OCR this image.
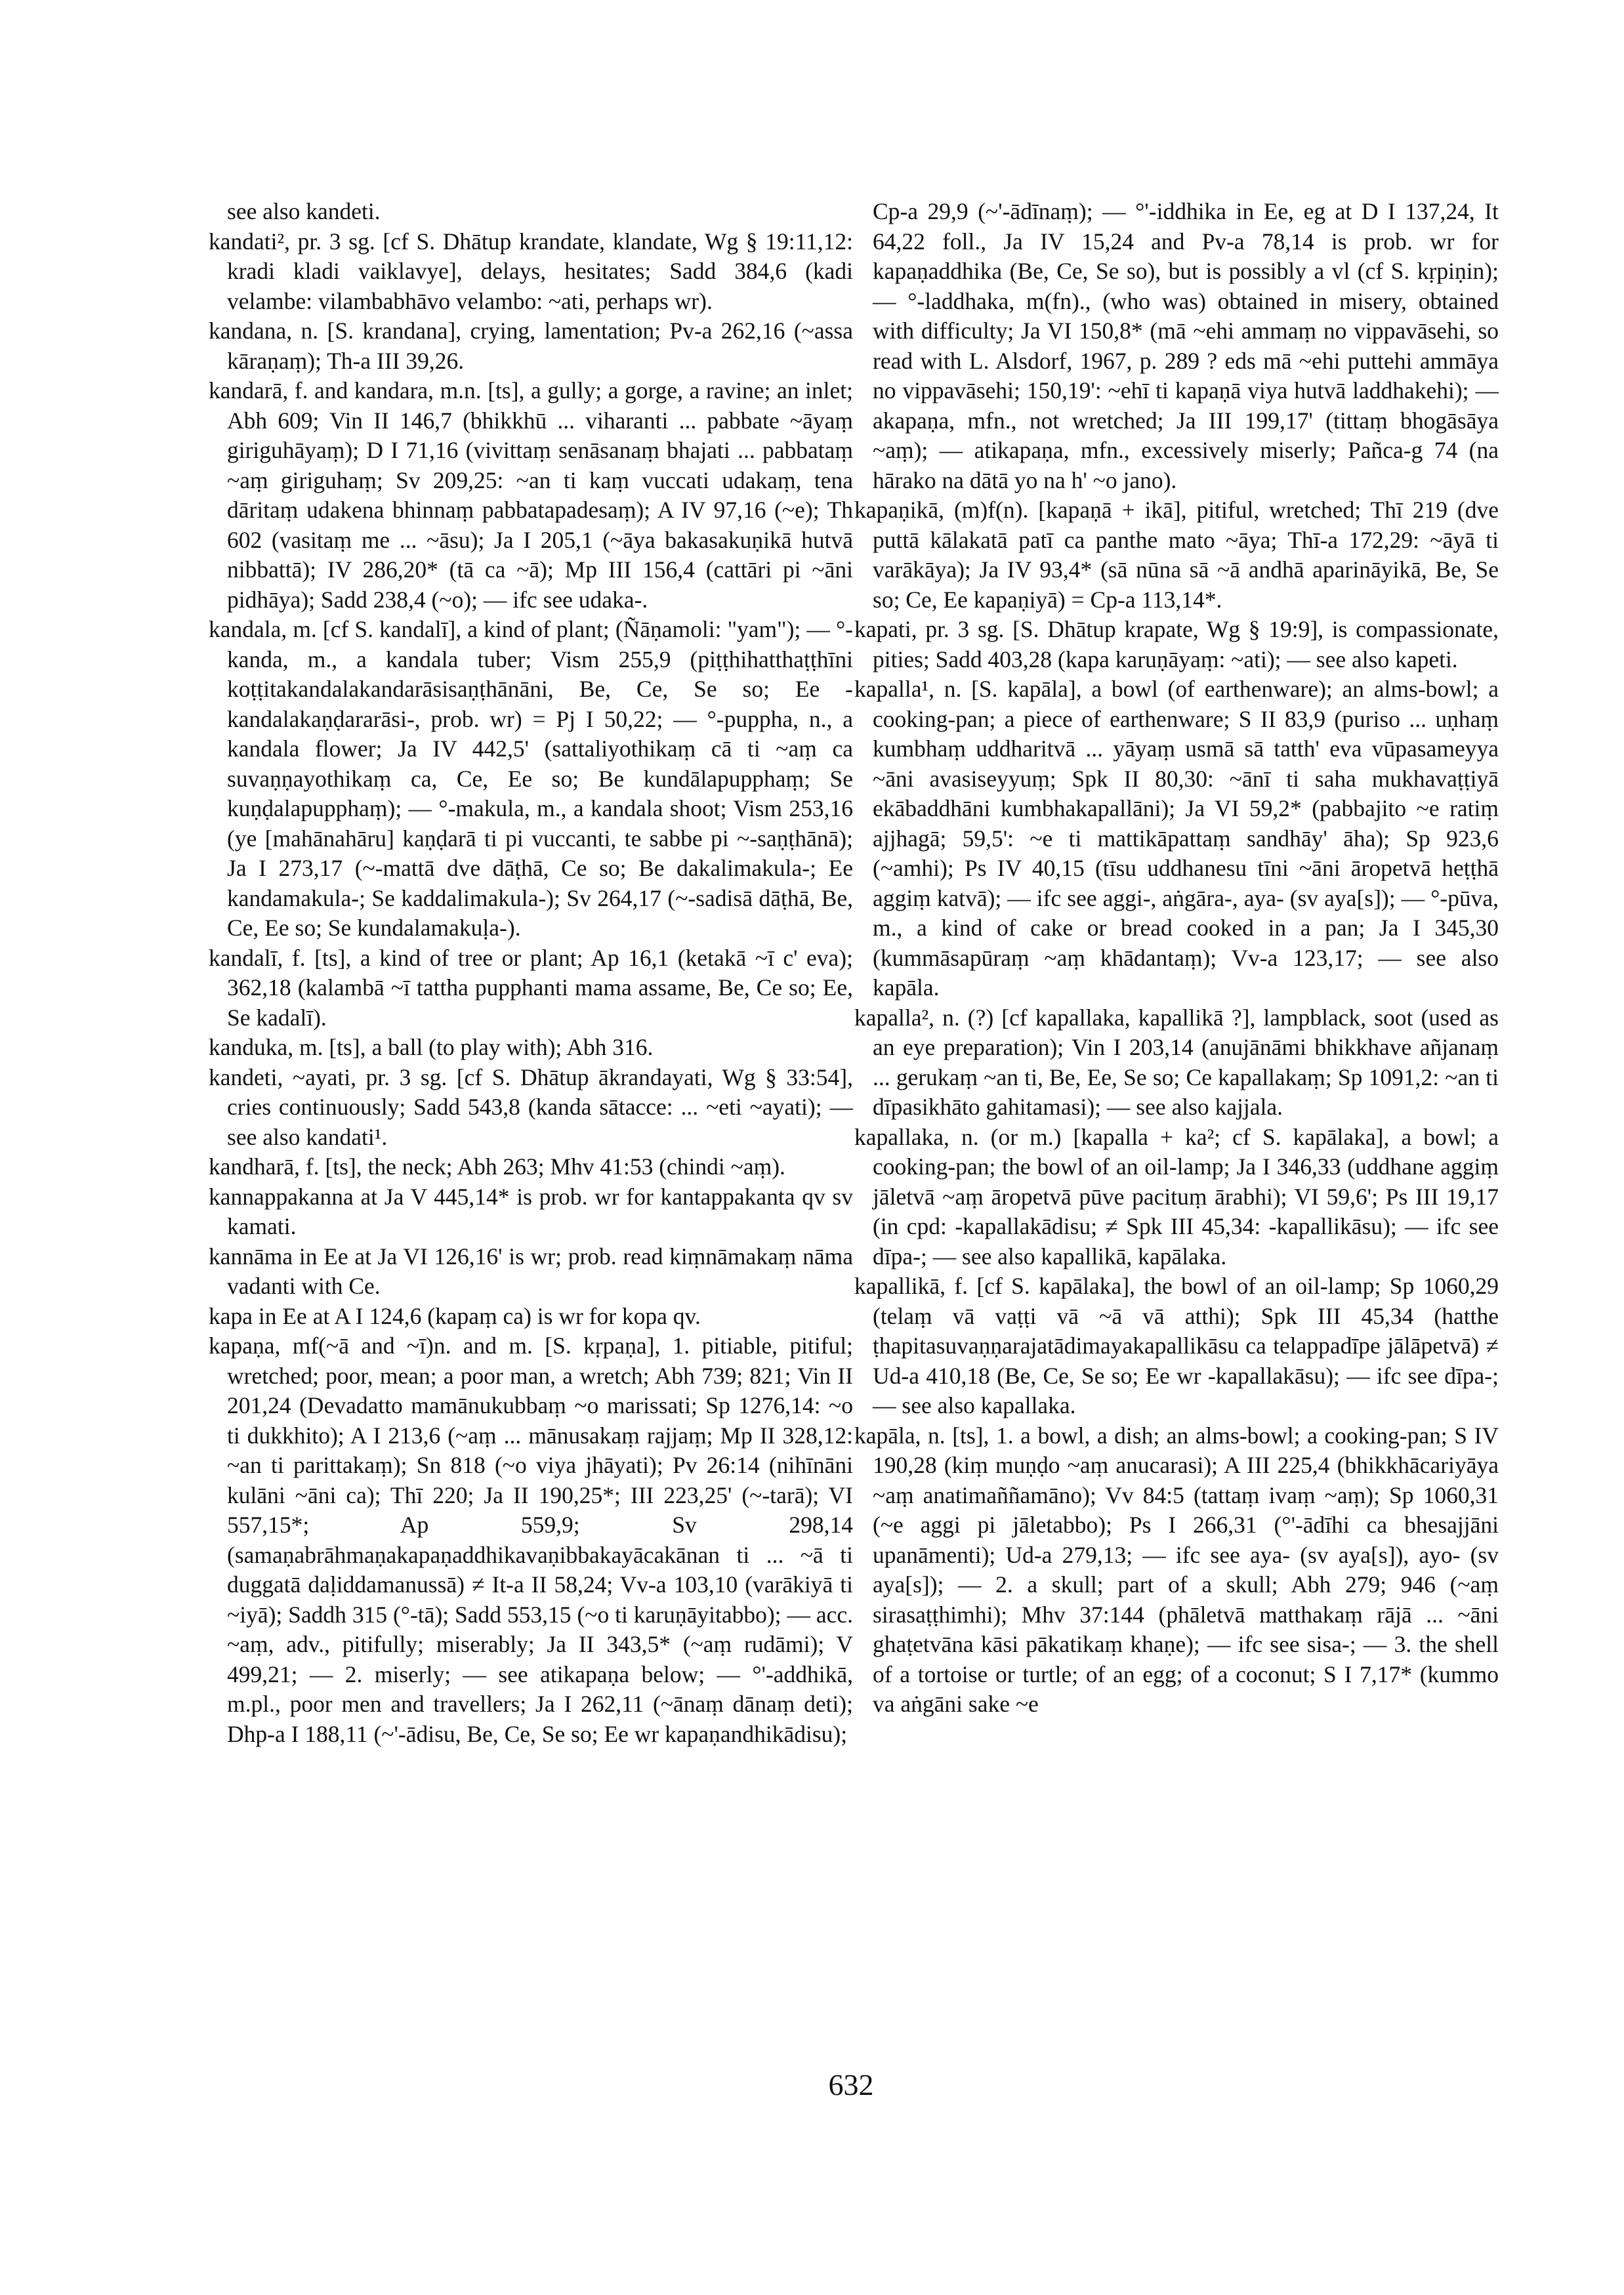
see also kandeti.

kandati², pr. 3 sg. [cf S. Dhātup krandate, klandate, Wg § 19:11,12: kradi kladi vaiklavye], delays, hesitates; Sadd 384,6 (kadi velambe: vilambabhāvo velambo: ~ati, perhaps wr).

kandana, n. [S. krandana], crying, lamentation; Pv-a 262,16 (~assa kāraṇaṃ); Th-a III 39,26.

kandarā, f. and kandara, m.n. [ts], a gully; a gorge, a ravine; an inlet; Abh 609; Vin II 146,7 (bhikkhū ... viharanti ... pabbate ~āyaṃ giriguhāyaṃ); D I 71,16 (vivittaṃ senāsanaṃ bhajati ... pabbataṃ ~aṃ giriguhaṃ; Sv 209,25: ~an ti kaṃ vuccati udakaṃ, tena dāritaṃ udakena bhinnaṃ pabbatapadesaṃ); A IV 97,16 (~e); Th 602 (vasitaṃ me ... ~āsu); Ja I 205,1 (~āya bakasakuṇikā hutvā nibbattā); IV 286,20* (tā ca ~ā); Mp III 156,4 (cattāri pi ~āni pidhāya); Sadd 238,4 (~o); — ifc see udaka-.

kandala, m. [cf S. kandalī], a kind of plant; (Ñāṇamoli: "yam"); — °-kanda, m., a kandala tuber; Vism 255,9 (piṭṭhihatthaṭṭhīni koṭṭitakandalakandarāsisaṇṭhānāni, Be, Ce, Se so; Ee -kandalakaṇḍararāsi-, prob. wr) = Pj I 50,22; — °-puppha, n., a kandala flower; Ja IV 442,5' (sattaliyothikaṃ cā ti ~aṃ ca suvaṇṇayothikaṃ ca, Ce, Ee so; Be kundālapupphaṃ; Se kuṇḍalapupphaṃ); — °-makula, m., a kandala shoot; Vism 253,16 (ye [mahānahāru] kaṇḍarā ti pi vuccanti, te sabbe pi ~-saṇṭhānā); Ja I 273,17 (~-mattā dve dāṭhā, Ce so; Be dakalimakula-; Ee kandamakula-; Se kaddalimakula-); Sv 264,17 (~-sadisā dāṭhā, Be, Ce, Ee so; Se kundalamakuḷa-).

kandalī, f. [ts], a kind of tree or plant; Ap 16,1 (ketakā ~ī c' eva); 362,18 (kalambā ~ī tattha pupphanti mama assame, Be, Ce so; Ee, Se kadalī).

kanduka, m. [ts], a ball (to play with); Abh 316.

kandeti, ~ayati, pr. 3 sg. [cf S. Dhātup ākrandayati, Wg § 33:54], cries continuously; Sadd 543,8 (kanda sātacce: ... ~eti ~ayati); — see also kandati¹.

kandharā, f. [ts], the neck; Abh 263; Mhv 41:53 (chindi ~aṃ).

kannappakanna at Ja V 445,14* is prob. wr for kantappakanta qv sv kamati.

kannāma in Ee at Ja VI 126,16' is wr; prob. read kiṃnāmakaṃ nāma vadanti with Ce.

kapa in Ee at A I 124,6 (kapaṃ ca) is wr for kopa qv.

kapaṇa, mf(~ā and ~ī)n. and m. [S. kṛpaṇa], 1. pitiable, pitiful; wretched; poor, mean; a poor man, a wretch; Abh 739; 821; Vin II 201,24 (Devadatto mamānukubbaṃ ~o marissati; Sp 1276,14: ~o ti dukkhito); A I 213,6 (~aṃ ... mānusakaṃ rajjaṃ; Mp II 328,12: ~an ti parittakaṃ); Sn 818 (~o viya jhāyati); Pv 26:14 (nihīnāni kulāni ~āni ca); Thī 220; Ja II 190,25*; III 223,25' (~-tarā); VI 557,15*; Ap 559,9; Sv 298,14 (samaṇabrāhmaṇakapaṇaddhikavaṇibbakayācakānan ti ... ~ā ti duggatā daḷiddamanussā) ≠ It-a II 58,24; Vv-a 103,10 (varākiyā ti ~iyā); Saddh 315 (°-tā); Sadd 553,15 (~o ti karuṇāyitabbo); — acc. ~aṃ, adv., pitifully; miserably; Ja II 343,5* (~aṃ rudāmi); V 499,21; — 2. miserly; — see atikapaṇa below; — °'-addhikā, m.pl., poor men and travellers; Ja I 262,11 (~ānaṃ dānaṃ deti); Dhp-a I 188,11 (~'-ādisu, Be, Ce, Se so; Ee wr kapaṇandhikādisu);

Cp-a 29,9 (~'-ādīnaṃ); — °'-iddhika in Ee, eg at D I 137,24, It 64,22 foll., Ja IV 15,24 and Pv-a 78,14 is prob. wr for kapaṇaddhika (Be, Ce, Se so), but is possibly a vl (cf S. kṛpiṇin); — °-laddhaka, m(fn)., (who was) obtained in misery, obtained with difficulty; Ja VI 150,8* (mā ~ehi ammaṃ no vippavāsehi, so read with L. Alsdorf, 1967, p. 289 ? eds mā ~ehi puttehi ammāya no vippavāsehi; 150,19': ~ehī ti kapaṇā viya hutvā laddhakehi); — akapaṇa, mfn., not wretched; Ja III 199,17' (tittaṃ bhogāsāya ~aṃ); — atikapaṇa, mfn., excessively miserly; Pañca-g 74 (na hārako na dātā yo na h' ~o jano).

kapaṇikā, (m)f(n). [kapaṇā + ikā], pitiful, wretched; Thī 219 (dve puttā kālakatā patī ca panthe mato ~āya; Thī-a 172,29: ~āyā ti varākāya); Ja IV 93,4* (sā nūna sā ~ā andhā aparināyikā, Be, Se so; Ce, Ee kapaṇiyā) = Cp-a 113,14*.

kapati, pr. 3 sg. [S. Dhātup krapate, Wg § 19:9], is compassionate, pities; Sadd 403,28 (kapa karuṇāyaṃ: ~ati); — see also kapeti.

kapalla¹, n. [S. kapāla], a bowl (of earthenware); an alms-bowl; a cooking-pan; a piece of earthenware; S II 83,9 (puriso ... uṇhaṃ kumbhaṃ uddharitvā ... yāyaṃ usmā sā tatth' eva vūpasameyya ~āni avasiseyyuṃ; Spk II 80,30: ~ānī ti saha mukhavaṭṭiyā ekābaddhāni kumbhakapallāni); Ja VI 59,2* (pabbajito ~e ratiṃ ajjhagā; 59,5': ~e ti mattikāpattaṃ sandhāy' āha); Sp 923,6 (~amhi); Ps IV 40,15 (tīsu uddhanesu tīni ~āni āropetvā heṭṭhā aggiṃ katvā); — ifc see aggi-, aṅgāra-, aya- (sv aya[s]); — °-pūva, m., a kind of cake or bread cooked in a pan; Ja I 345,30 (kummāsapūraṃ ~aṃ khādantaṃ); Vv-a 123,17; — see also kapāla.

kapalla², n. (?) [cf kapallaka, kapallikā ?], lampblack, soot (used as an eye preparation); Vin I 203,14 (anujānāmi bhikkhave añjanaṃ ... gerukaṃ ~an ti, Be, Ee, Se so; Ce kapallakaṃ; Sp 1091,2: ~an ti dīpasikhāto gahitamasi); — see also kajjala.

kapallaka, n. (or m.) [kapalla + ka²; cf S. kapālaka], a bowl; a cooking-pan; the bowl of an oil-lamp; Ja I 346,33 (uddhane aggiṃ jāletvā ~aṃ āropetvā pūve pacituṃ ārabhi); VI 59,6'; Ps III 19,17 (in cpd: -kapallakādisu; ≠ Spk III 45,34: -kapallikāsu); — ifc see dīpa-; — see also kapallikā, kapālaka.

kapallikā, f. [cf S. kapālaka], the bowl of an oil-lamp; Sp 1060,29 (telaṃ vā vaṭṭi vā ~ā vā atthi); Spk III 45,34 (hatthe ṭhapitasuvaṇṇarajatādimayakapallikāsu ca telappadīpe jālāpetvā) ≠ Ud-a 410,18 (Be, Ce, Se so; Ee wr -kapallakāsu); — ifc see dīpa-; — see also kapallaka.

kapāla, n. [ts], 1. a bowl, a dish; an alms-bowl; a cooking-pan; S IV 190,28 (kiṃ muṇḍo ~aṃ anucarasi); A III 225,4 (bhikkhācariyāya ~aṃ anatimaññamāno); Vv 84:5 (tattaṃ ivaṃ ~aṃ); Sp 1060,31 (~e aggi pi jāletabbo); Ps I 266,31 (°'-ādīhi ca bhesajjāni upanāmenti); Ud-a 279,13; — ifc see aya- (sv aya[s]), ayo- (sv aya[s]); — 2. a skull; part of a skull; Abh 279; 946 (~aṃ sirasaṭṭhimhi); Mhv 37:144 (phāletvā matthakaṃ rājā ... ~āni ghaṭetvāna kāsi pākatikaṃ khaṇe); — ifc see sisa-; — 3. the shell of a tortoise or turtle; of an egg; of a coconut; S I 7,17* (kummo va aṅgāni sake ~e

632
